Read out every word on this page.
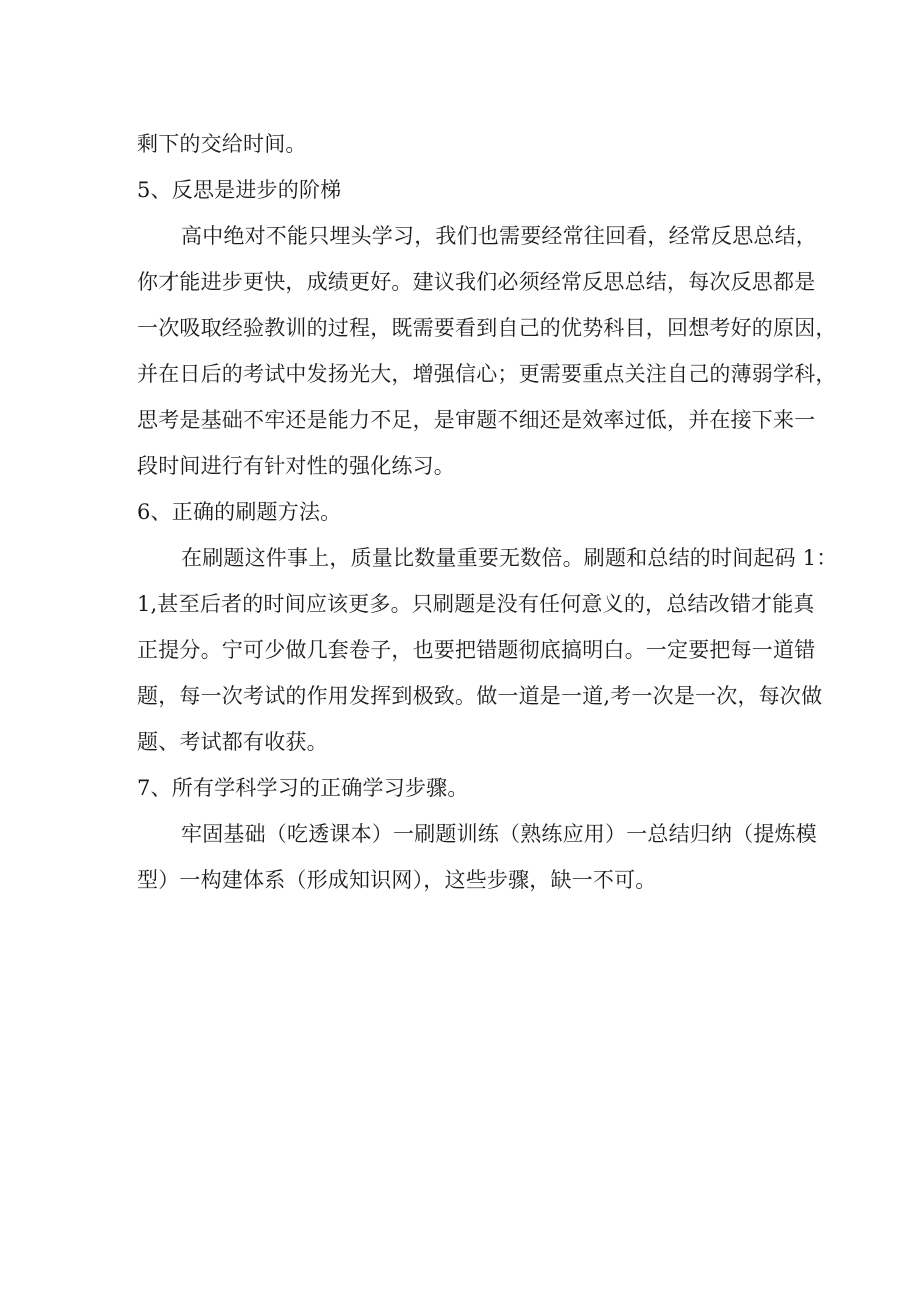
剩下的交给时间。
5、反思是进步的阶梯
高中绝对不能只埋头学习，我们也需要经常往回看，经常反思总结，
你才能进步更快，成绩更好。建议我们必须经常反思总结，每次反思都是
一次吸取经验教训的过程，既需要看到自己的优势科目，回想考好的原因，
并在日后的考试中发扬光大，增强信心；更需要重点关注自己的薄弱学科，
思考是基础不牢还是能力不足，是审题不细还是效率过低，并在接下来一
段时间进行有针对性的强化练习。
6、正确的刷题方法。
在刷题这件事上，质量比数量重要无数倍。刷题和总结的时间起码 1：
1,甚至后者的时间应该更多。只刷题是没有任何意义的，总结改错才能真
正提分。宁可少做几套卷子，也要把错题彻底搞明白。一定要把每一道错
题，每一次考试的作用发挥到极致。做一道是一道,考一次是一次，每次做
题、考试都有收获。
7、所有学科学习的正确学习步骤。
牢固基础（吃透课本）一刷题训练（熟练应用）一总结归纳（提炼模
型）一构建体系（形成知识网），这些步骤，缺一不可。
